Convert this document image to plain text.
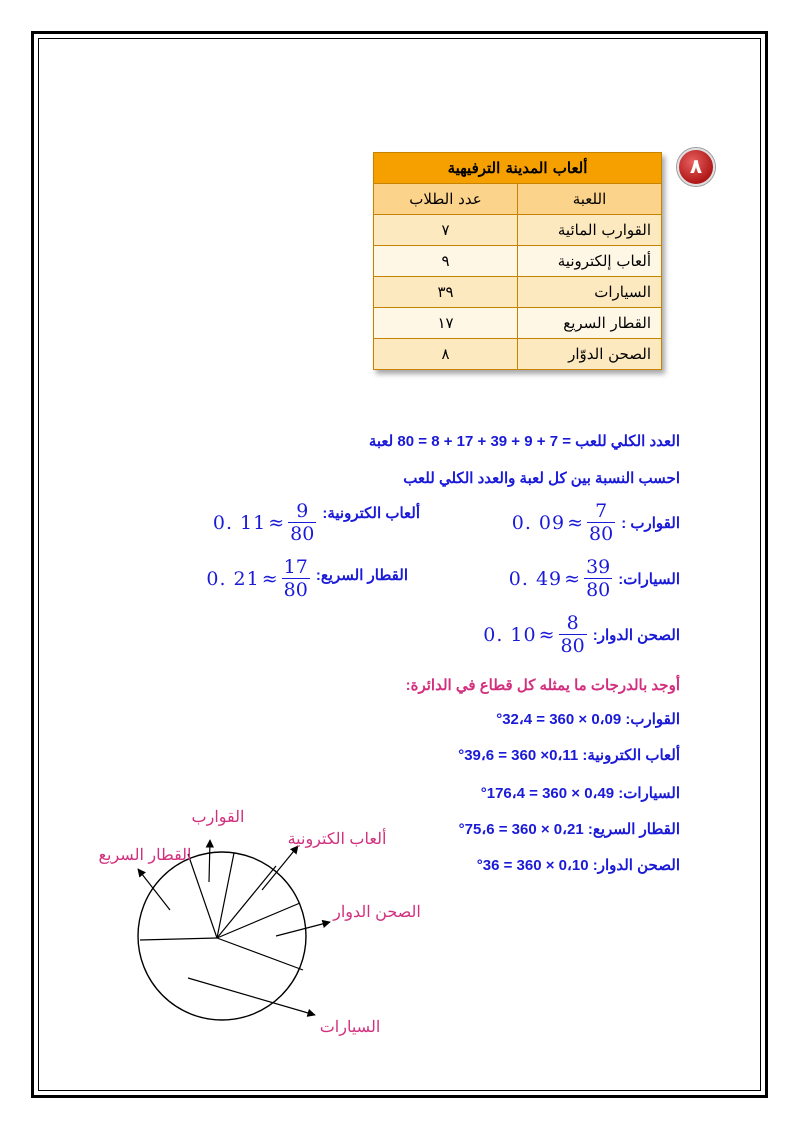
٨
ألعاب المدينة الترفيهية	
اللعبة	عدد الطلاب
القوارب المائية	٧
ألعاب إلكترونية	٩
السيارات	٣٩
القطار السريع	١٧
الصحن الدوّار	٨
العدد الكلي للعب = 7 + 9 + 39 + 17 + 8 = 80 لعبة
احسب النسبة بين كل لعبة والعدد الكلي للعب
القوارب :
$\frac{7}{80}$
≈
0. 09
ألعاب الكترونية:
$\frac{9}{80}$
≈
0. 11
السيارات:
$\frac{39}{80}$
≈
0. 49
القطار السريع:
$\frac{17}{80}$
≈
0. 21
الصحن الدوار:
$\frac{8}{80}$
≈
0. 10
أوجد بالدرجات ما يمثله كل قطاع في الدائرة:
القوارب: 0،09 × 360 = 32،4°
ألعاب الكترونية: 0،11× 360 = 39،6°
السيارات: 0،49 × 360 = 176،4°
القطار السريع: 0،21 × 360 = 75،6°
الصحن الدوار: 0،10 × 360 = 36°
القوارب
القطار السريع
ألعاب الكترونية
الصحن الدوار
السيارات
